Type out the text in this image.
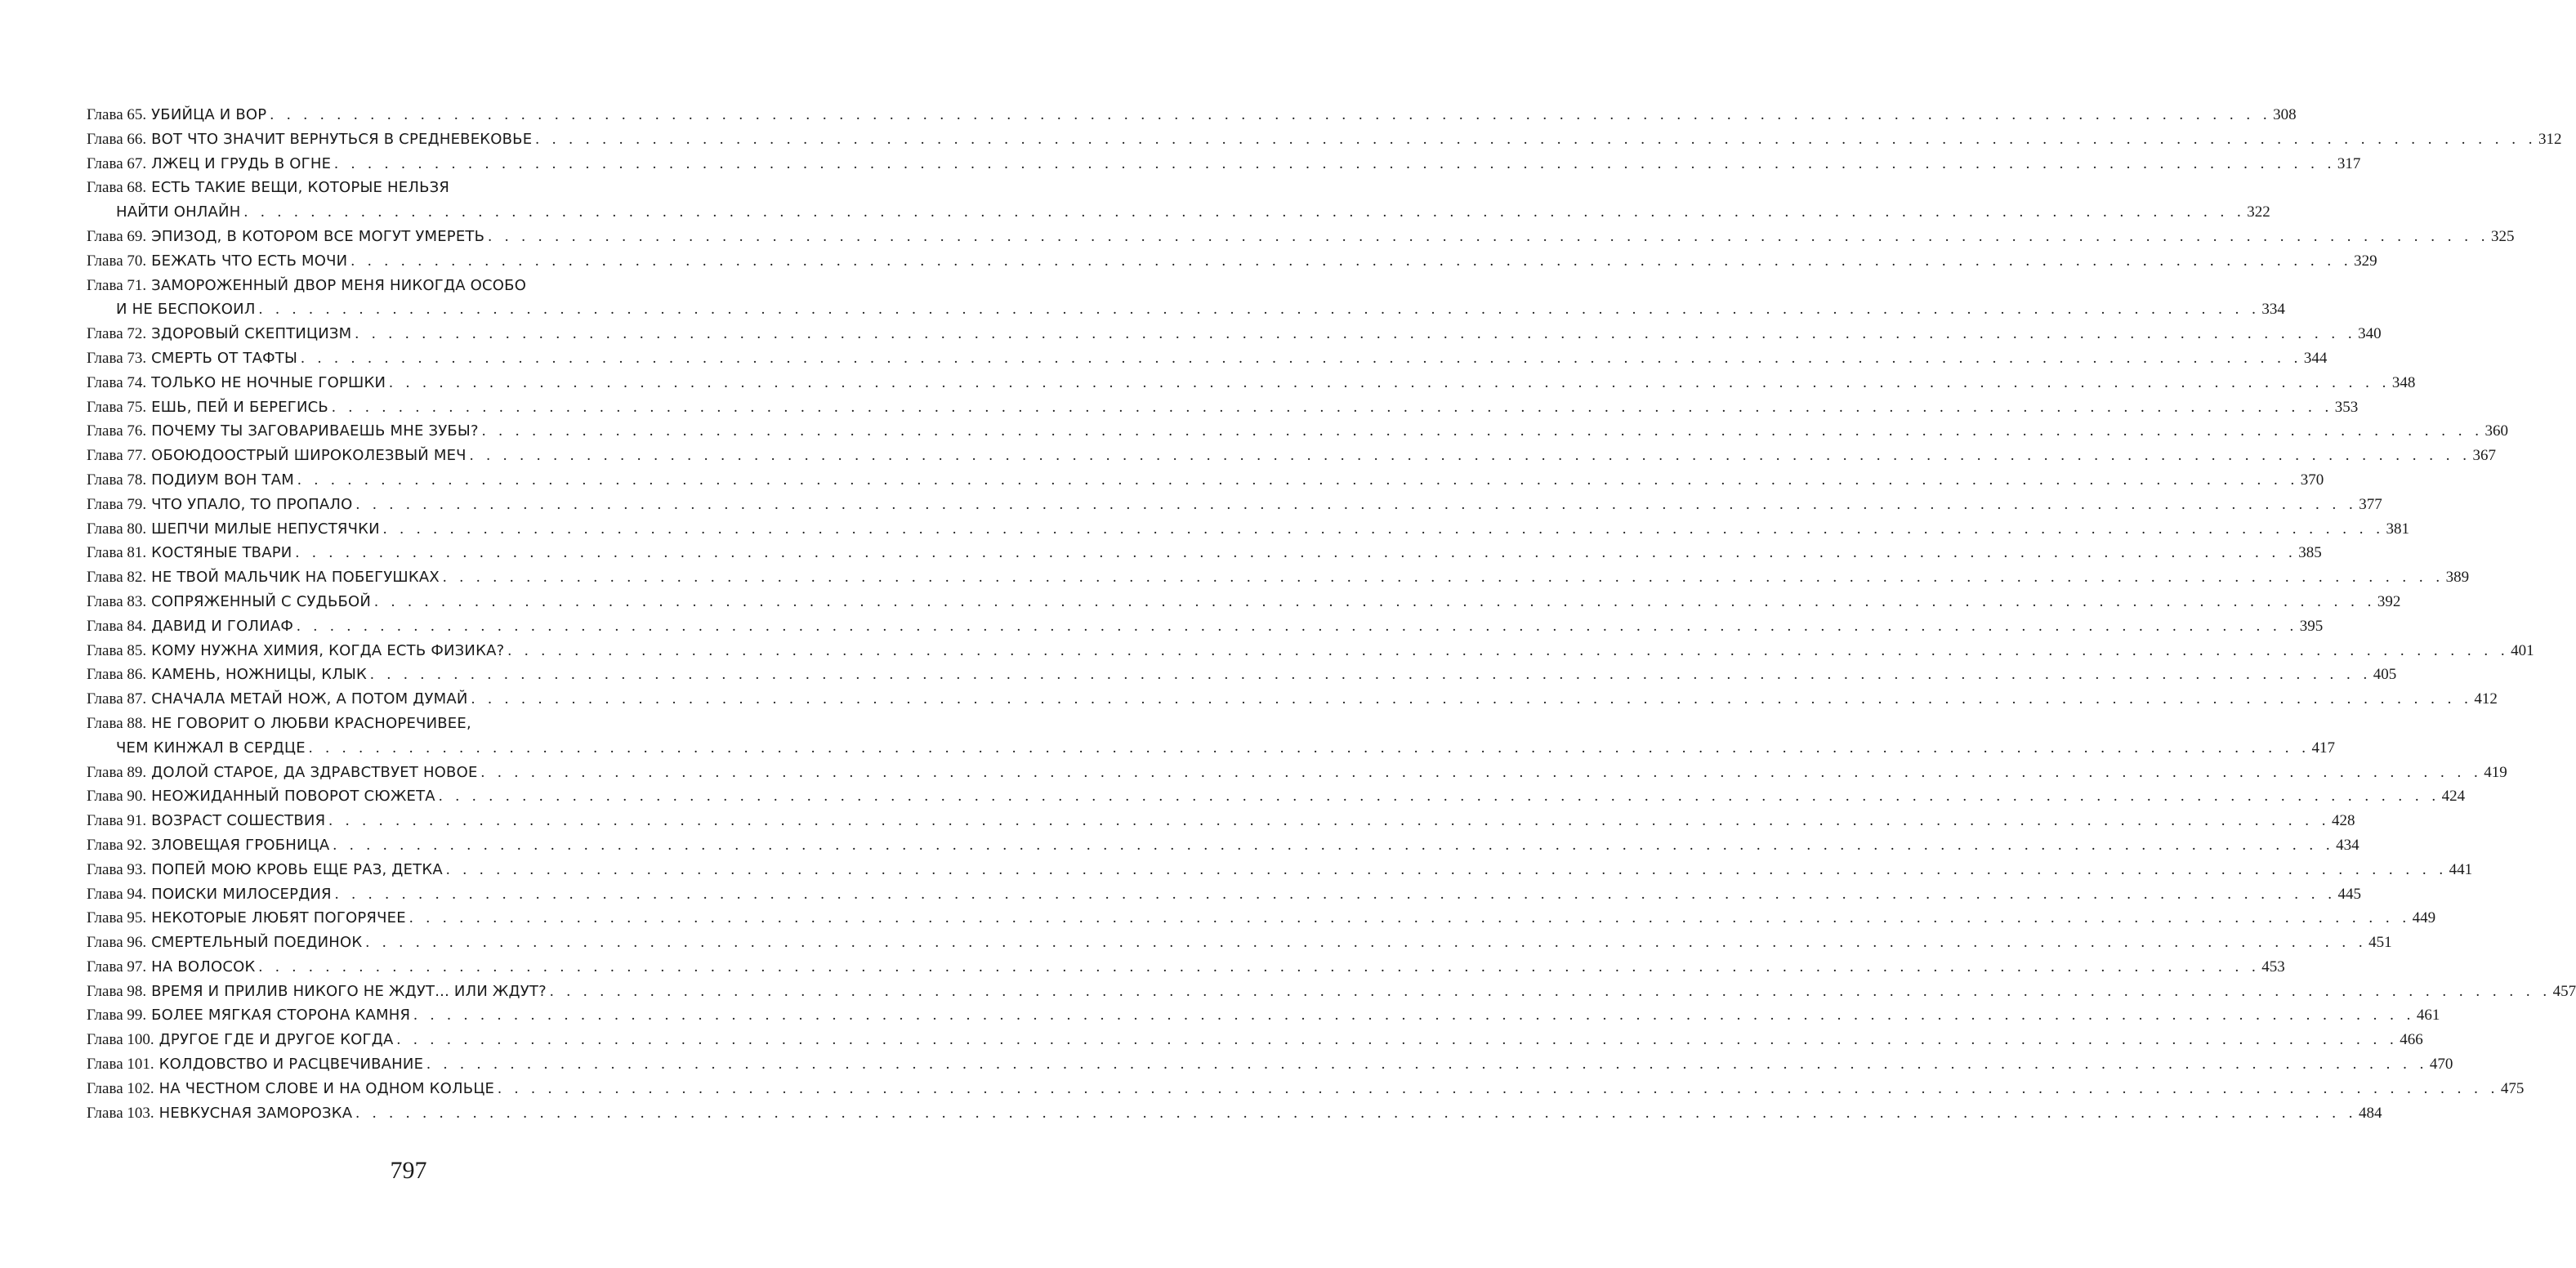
Глава 65. УБИЙЦА И ВОР . . . . . . . . . . . . . . . . . . . . . . . . . . . . . . . . . . . . . . . . . . . . . . . . . . . . . . . . . . . . . . . . . . . . . . . . . . . . . . . . . . . . . . . . . . . . . . . . . . . . . . . . . . . . . . . . . . . . . . . . 308
Глава 66. ВОТ ЧТО ЗНАЧИТ ВЕРНУТЬСЯ В СРЕДНЕВЕКОВЬЕ . . . . . . . . . . . . . . . . . . . . . . . . . . . . . . . . . . . . . . . . . . . . . . . . . . . . . . . . . . . . . . . . . . . . . . . . . . . . . . . . . . . . . . . . . . . . . . . . . . . . . . . . . . . . . . . . . . . . . . . . 312
Глава 67. ЛЖЕЦ И ГРУДЬ В ОГНЕ . . . . . . . . . . . . . . . . . . . . . . . . . . . . . . . . . . . . . . . . . . . . . . . . . . . . . . . . . . . . . . . . . . . . . . . . . . . . . . . . . . . . . . . . . . . . . . . . . . . . . . . . . . . . . . . . . . . . . . . . 317
Глава 68. ЕСТЬ ТАКИЕ ВЕЩИ, КОТОРЫЕ НЕЛЬЗЯ
НАЙТИ ОНЛАЙН . . . . . . . . . . . . . . . . . . . . . . . . . . . . . . . . . . . . . . . . . . . . . . . . . . . . . . . . . . . . . . . . . . . . . . . . . . . . . . . . . . . . . . . . . . . . . . . . . . . . . . . . . . . . . . . . . . . . . . . . 322
Глава 69. ЭПИЗОД, В КОТОРОМ ВСЕ МОГУТ УМЕРЕТЬ . . . . . . . . . . . . . . . . . . . . . . . . . . . . . . . . . . . . . . . . . . . . . . . . . . . . . . . . . . . . . . . . . . . . . . . . . . . . . . . . . . . . . . . . . . . . . . . . . . . . . . . . . . . . . . . . . . . . . . . . 325
Глава 70. БЕЖАТЬ ЧТО ЕСТЬ МОЧИ . . . . . . . . . . . . . . . . . . . . . . . . . . . . . . . . . . . . . . . . . . . . . . . . . . . . . . . . . . . . . . . . . . . . . . . . . . . . . . . . . . . . . . . . . . . . . . . . . . . . . . . . . . . . . . . . . . . . . . . . 329
Глава 71. ЗАМОРОЖЕННЫЙ ДВОР МЕНЯ НИКОГДА ОСОБО
И НЕ БЕСПОКОИЛ . . . . . . . . . . . . . . . . . . . . . . . . . . . . . . . . . . . . . . . . . . . . . . . . . . . . . . . . . . . . . . . . . . . . . . . . . . . . . . . . . . . . . . . . . . . . . . . . . . . . . . . . . . . . . . . . . . . . . . . . 334
Глава 72. ЗДОРОВЫЙ СКЕПТИЦИЗМ . . . . . . . . . . . . . . . . . . . . . . . . . . . . . . . . . . . . . . . . . . . . . . . . . . . . . . . . . . . . . . . . . . . . . . . . . . . . . . . . . . . . . . . . . . . . . . . . . . . . . . . . . . . . . . . . . . . . . . . . 340
Глава 73. СМЕРТЬ ОТ ТАФТЫ . . . . . . . . . . . . . . . . . . . . . . . . . . . . . . . . . . . . . . . . . . . . . . . . . . . . . . . . . . . . . . . . . . . . . . . . . . . . . . . . . . . . . . . . . . . . . . . . . . . . . . . . . . . . . . . . . . . . . . . . 344
Глава 74. ТОЛЬКО НЕ НОЧНЫЕ ГОРШКИ . . . . . . . . . . . . . . . . . . . . . . . . . . . . . . . . . . . . . . . . . . . . . . . . . . . . . . . . . . . . . . . . . . . . . . . . . . . . . . . . . . . . . . . . . . . . . . . . . . . . . . . . . . . . . . . . . . . . . . . . 348
Глава 75. ЕШЬ, ПЕЙ И БЕРЕГИСЬ . . . . . . . . . . . . . . . . . . . . . . . . . . . . . . . . . . . . . . . . . . . . . . . . . . . . . . . . . . . . . . . . . . . . . . . . . . . . . . . . . . . . . . . . . . . . . . . . . . . . . . . . . . . . . . . . . . . . . . . . 353
Глава 76. ПОЧЕМУ ТЫ ЗАГОВАРИВАЕШЬ МНЕ ЗУБЫ? . . . . . . . . . . . . . . . . . . . . . . . . . . . . . . . . . . . . . . . . . . . . . . . . . . . . . . . . . . . . . . . . . . . . . . . . . . . . . . . . . . . . . . . . . . . . . . . . . . . . . . . . . . . . . . . . . . . . . . . . 360
Глава 77. ОБОЮДООСТРЫЙ ШИРОКОЛЕЗВЫЙ МЕЧ . . . . . . . . . . . . . . . . . . . . . . . . . . . . . . . . . . . . . . . . . . . . . . . . . . . . . . . . . . . . . . . . . . . . . . . . . . . . . . . . . . . . . . . . . . . . . . . . . . . . . . . . . . . . . . . . . . . . . . . . 367
Глава 78. ПОДИУМ ВОН ТАМ . . . . . . . . . . . . . . . . . . . . . . . . . . . . . . . . . . . . . . . . . . . . . . . . . . . . . . . . . . . . . . . . . . . . . . . . . . . . . . . . . . . . . . . . . . . . . . . . . . . . . . . . . . . . . . . . . . . . . . . . 370
Глава 79. ЧТО УПАЛО, ТО ПРОПАЛО . . . . . . . . . . . . . . . . . . . . . . . . . . . . . . . . . . . . . . . . . . . . . . . . . . . . . . . . . . . . . . . . . . . . . . . . . . . . . . . . . . . . . . . . . . . . . . . . . . . . . . . . . . . . . . . . . . . . . . . . 377
Глава 80. ШЕПЧИ МИЛЫЕ НЕПУСТЯЧКИ . . . . . . . . . . . . . . . . . . . . . . . . . . . . . . . . . . . . . . . . . . . . . . . . . . . . . . . . . . . . . . . . . . . . . . . . . . . . . . . . . . . . . . . . . . . . . . . . . . . . . . . . . . . . . . . . . . . . . . . . 381
Глава 81. КОСТЯНЫЕ ТВАРИ . . . . . . . . . . . . . . . . . . . . . . . . . . . . . . . . . . . . . . . . . . . . . . . . . . . . . . . . . . . . . . . . . . . . . . . . . . . . . . . . . . . . . . . . . . . . . . . . . . . . . . . . . . . . . . . . . . . . . . . . 385
Глава 82. НЕ ТВОЙ МАЛЬЧИК НА ПОБЕГУШКАХ . . . . . . . . . . . . . . . . . . . . . . . . . . . . . . . . . . . . . . . . . . . . . . . . . . . . . . . . . . . . . . . . . . . . . . . . . . . . . . . . . . . . . . . . . . . . . . . . . . . . . . . . . . . . . . . . . . . . . . . . 389
Глава 83. СОПРЯЖЕННЫЙ С СУДЬБОЙ . . . . . . . . . . . . . . . . . . . . . . . . . . . . . . . . . . . . . . . . . . . . . . . . . . . . . . . . . . . . . . . . . . . . . . . . . . . . . . . . . . . . . . . . . . . . . . . . . . . . . . . . . . . . . . . . . . . . . . . . 392
Глава 84. ДАВИД И ГОЛИАФ . . . . . . . . . . . . . . . . . . . . . . . . . . . . . . . . . . . . . . . . . . . . . . . . . . . . . . . . . . . . . . . . . . . . . . . . . . . . . . . . . . . . . . . . . . . . . . . . . . . . . . . . . . . . . . . . . . . . . . . . 395
Глава 85. КОМУ НУЖНА ХИМИЯ, КОГДА ЕСТЬ ФИЗИКА? . . . . . . . . . . . . . . . . . . . . . . . . . . . . . . . . . . . . . . . . . . . . . . . . . . . . . . . . . . . . . . . . . . . . . . . . . . . . . . . . . . . . . . . . . . . . . . . . . . . . . . . . . . . . . . . . . . . . . . . . 401
Глава 86. КАМЕНЬ, НОЖНИЦЫ, КЛЫК . . . . . . . . . . . . . . . . . . . . . . . . . . . . . . . . . . . . . . . . . . . . . . . . . . . . . . . . . . . . . . . . . . . . . . . . . . . . . . . . . . . . . . . . . . . . . . . . . . . . . . . . . . . . . . . . . . . . . . . . 405
Глава 87. СНАЧАЛА МЕТАЙ НОЖ, А ПОТОМ ДУМАЙ . . . . . . . . . . . . . . . . . . . . . . . . . . . . . . . . . . . . . . . . . . . . . . . . . . . . . . . . . . . . . . . . . . . . . . . . . . . . . . . . . . . . . . . . . . . . . . . . . . . . . . . . . . . . . . . . . . . . . . . . 412
Глава 88. НЕ ГОВОРИТ О ЛЮБВИ КРАСНОРЕЧИВЕЕ,
ЧЕМ КИНЖАЛ В СЕРДЦЕ . . . . . . . . . . . . . . . . . . . . . . . . . . . . . . . . . . . . . . . . . . . . . . . . . . . . . . . . . . . . . . . . . . . . . . . . . . . . . . . . . . . . . . . . . . . . . . . . . . . . . . . . . . . . . . . . . . . . . . . . 417
Глава 89. ДОЛОЙ СТАРОЕ, ДА ЗДРАВСТВУЕТ НОВОЕ . . . . . . . . . . . . . . . . . . . . . . . . . . . . . . . . . . . . . . . . . . . . . . . . . . . . . . . . . . . . . . . . . . . . . . . . . . . . . . . . . . . . . . . . . . . . . . . . . . . . . . . . . . . . . . . . . . . . . . . . 419
Глава 90. НЕОЖИДАННЫЙ ПОВОРОТ СЮЖЕТА . . . . . . . . . . . . . . . . . . . . . . . . . . . . . . . . . . . . . . . . . . . . . . . . . . . . . . . . . . . . . . . . . . . . . . . . . . . . . . . . . . . . . . . . . . . . . . . . . . . . . . . . . . . . . . . . . . . . . . . . 424
Глава 91. ВОЗРАСТ СОШЕСТВИЯ . . . . . . . . . . . . . . . . . . . . . . . . . . . . . . . . . . . . . . . . . . . . . . . . . . . . . . . . . . . . . . . . . . . . . . . . . . . . . . . . . . . . . . . . . . . . . . . . . . . . . . . . . . . . . . . . . . . . . . . . 428
Глава 92. ЗЛОВЕЩАЯ ГРОБНИЦА . . . . . . . . . . . . . . . . . . . . . . . . . . . . . . . . . . . . . . . . . . . . . . . . . . . . . . . . . . . . . . . . . . . . . . . . . . . . . . . . . . . . . . . . . . . . . . . . . . . . . . . . . . . . . . . . . . . . . . . . 434
Глава 93. ПОПЕЙ МОЮ КРОВЬ ЕЩЕ РАЗ, ДЕТКА . . . . . . . . . . . . . . . . . . . . . . . . . . . . . . . . . . . . . . . . . . . . . . . . . . . . . . . . . . . . . . . . . . . . . . . . . . . . . . . . . . . . . . . . . . . . . . . . . . . . . . . . . . . . . . . . . . . . . . . . 441
Глава 94. ПОИСКИ МИЛОСЕРДИЯ . . . . . . . . . . . . . . . . . . . . . . . . . . . . . . . . . . . . . . . . . . . . . . . . . . . . . . . . . . . . . . . . . . . . . . . . . . . . . . . . . . . . . . . . . . . . . . . . . . . . . . . . . . . . . . . . . . . . . . . . 445
Глава 95. НЕКОТОРЫЕ ЛЮБЯТ ПОГОРЯЧЕЕ . . . . . . . . . . . . . . . . . . . . . . . . . . . . . . . . . . . . . . . . . . . . . . . . . . . . . . . . . . . . . . . . . . . . . . . . . . . . . . . . . . . . . . . . . . . . . . . . . . . . . . . . . . . . . . . . . . . . . . . . 449
Глава 96. СМЕРТЕЛЬНЫЙ ПОЕДИНОК . . . . . . . . . . . . . . . . . . . . . . . . . . . . . . . . . . . . . . . . . . . . . . . . . . . . . . . . . . . . . . . . . . . . . . . . . . . . . . . . . . . . . . . . . . . . . . . . . . . . . . . . . . . . . . . . . . . . . . . . 451
Глава 97. НА ВОЛОСОК . . . . . . . . . . . . . . . . . . . . . . . . . . . . . . . . . . . . . . . . . . . . . . . . . . . . . . . . . . . . . . . . . . . . . . . . . . . . . . . . . . . . . . . . . . . . . . . . . . . . . . . . . . . . . . . . . . . . . . . . 453
Глава 98. ВРЕМЯ И ПРИЛИВ НИКОГО НЕ ЖДУТ... ИЛИ ЖДУТ? . . . . . . . . . . . . . . . . . . . . . . . . . . . . . . . . . . . . . . . . . . . . . . . . . . . . . . . . . . . . . . . . . . . . . . . . . . . . . . . . . . . . . . . . . . . . . . . . . . . . . . . . . . . . . . . . . . . . . . . . 457
Глава 99. БОЛЕЕ МЯГКАЯ СТОРОНА КАМНЯ . . . . . . . . . . . . . . . . . . . . . . . . . . . . . . . . . . . . . . . . . . . . . . . . . . . . . . . . . . . . . . . . . . . . . . . . . . . . . . . . . . . . . . . . . . . . . . . . . . . . . . . . . . . . . . . . . . . . . . . . 461
Глава 100. ДРУГОЕ ГДЕ И ДРУГОЕ КОГДА . . . . . . . . . . . . . . . . . . . . . . . . . . . . . . . . . . . . . . . . . . . . . . . . . . . . . . . . . . . . . . . . . . . . . . . . . . . . . . . . . . . . . . . . . . . . . . . . . . . . . . . . . . . . . . . . . . . . . . . . 466
Глава 101. КОЛДОВСТВО И РАСЦВЕЧИВАНИЕ . . . . . . . . . . . . . . . . . . . . . . . . . . . . . . . . . . . . . . . . . . . . . . . . . . . . . . . . . . . . . . . . . . . . . . . . . . . . . . . . . . . . . . . . . . . . . . . . . . . . . . . . . . . . . . . . . . . . . . . . 470
Глава 102. НА ЧЕСТНОМ СЛОВЕ И НА ОДНОМ КОЛЬЦЕ . . . . . . . . . . . . . . . . . . . . . . . . . . . . . . . . . . . . . . . . . . . . . . . . . . . . . . . . . . . . . . . . . . . . . . . . . . . . . . . . . . . . . . . . . . . . . . . . . . . . . . . . . . . . . . . . . . . . . . . . 475
Глава 103. НЕВКУСНАЯ ЗАМОРОЗКА . . . . . . . . . . . . . . . . . . . . . . . . . . . . . . . . . . . . . . . . . . . . . . . . . . . . . . . . . . . . . . . . . . . . . . . . . . . . . . . . . . . . . . . . . . . . . . . . . . . . . . . . . . . . . . . . . . . . . . . . 484
797
